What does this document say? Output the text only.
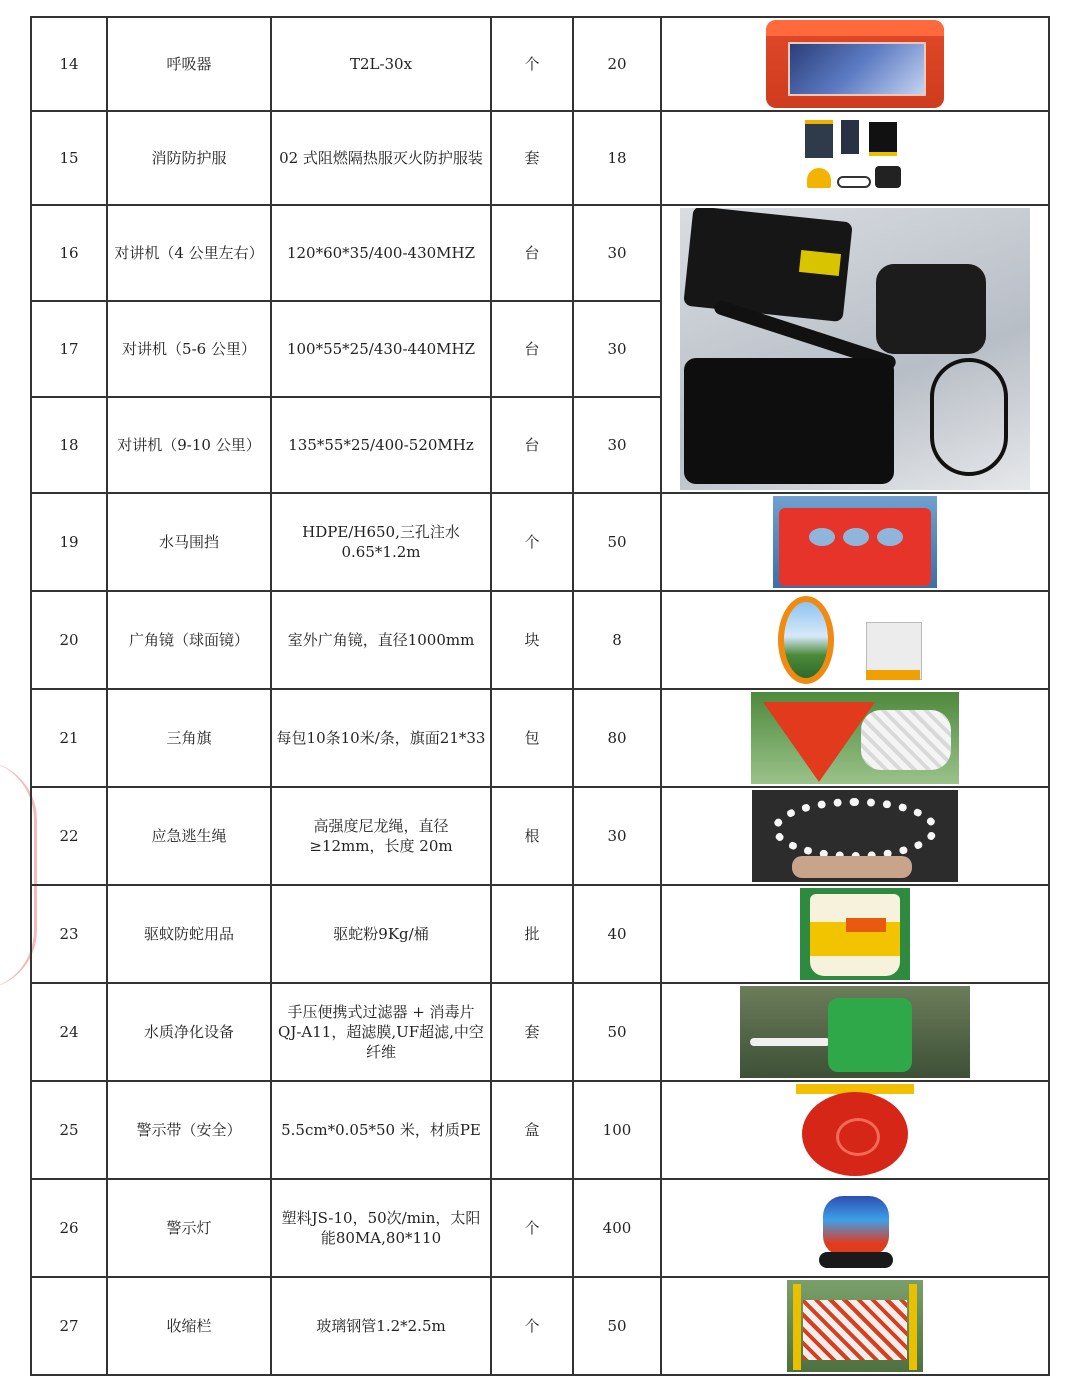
14	呼吸器	T2L-30x	个	20	

15	消防防护服	02 式阻燃隔热服灭火防护服装	套	18	

16	对讲机（4 公里左右）	120*60*35/400-430MHZ	台	30	

17	对讲机（5-6 公里）	100*55*25/430-440MHZ	台	30	
18	对讲机（9-10 公里）	135*55*25/400-520MHz	台	30	
19	水马围挡	HDPE/H650,三孔注水 0.65*1.2m	个	50	

20	广角镜（球面镜）	室外广角镜，直径1000mm	块	8	

21	三角旗	每包10条10米/条，旗面21*33	包	80	

22	应急逃生绳	高强度尼龙绳，直径≥12mm，长度 20m	根	30	

23	驱蚊防蛇用品	驱蛇粉9Kg/桶	批	40	

24	水质净化设备	手压便携式过滤器 + 消毒片QJ-A11，超滤膜,UF超滤,中空纤维	套	50	

25	警示带（安全）	5.5cm*0.05*50 米，材质PE	盒	100	

26	警示灯	塑料JS-10，50次/min，太阳能80MA,80*110	个	400	

27	收缩栏	玻璃钢管1.2*2.5m	个	50	
